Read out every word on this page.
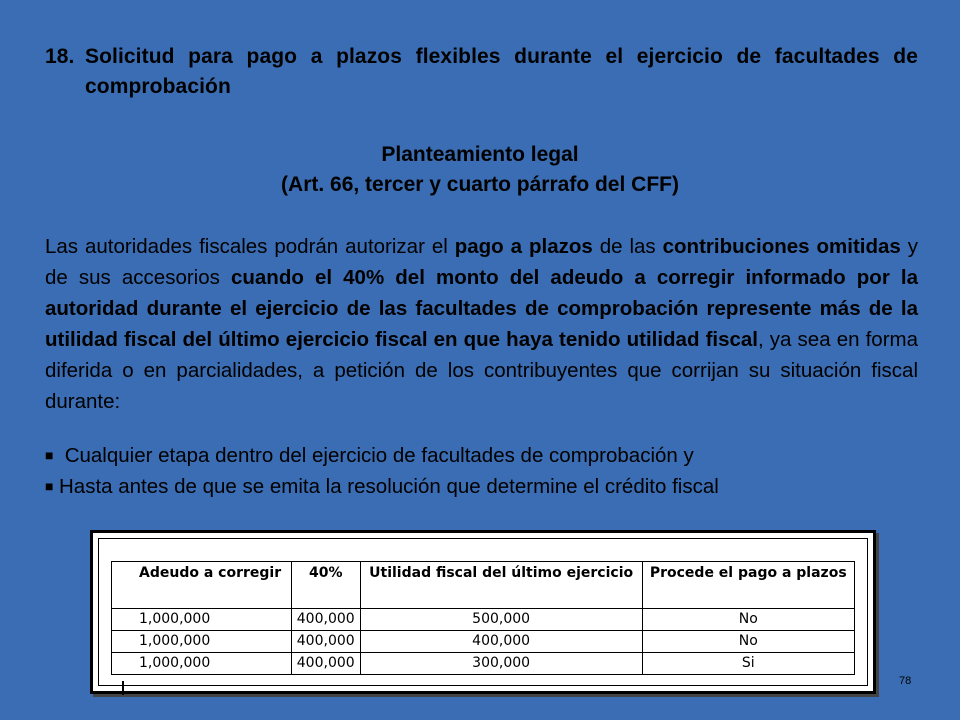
18. Solicitud para pago a plazos flexibles durante el ejercicio de facultades de
comprobación
Planteamiento legal
(Art. 66, tercer y cuarto párrafo del CFF)
Las autoridades fiscales podrán autorizar el pago a plazos de las contribuciones omitidas y de sus accesorios cuando el 40% del monto del adeudo a corregir informado por la autoridad durante el ejercicio de las facultades de comprobación represente más de la utilidad fiscal del último ejercicio fiscal en que haya tenido utilidad fiscal, ya sea en forma diferida o en parcialidades, a petición de los contribuyentes que corrijan su situación fiscal durante:
■ Cualquier etapa dentro del ejercicio de facultades de comprobación y
■ Hasta antes de que se emita la resolución que determine el crédito fiscal
Adeudo a corregir	40%	Utilidad fiscal del último ejercicio	Procede el pago a plazos
1,000,000	400,000	500,000	No
1,000,000	400,000	400,000	No
1,000,000	400,000	300,000	Si
78
